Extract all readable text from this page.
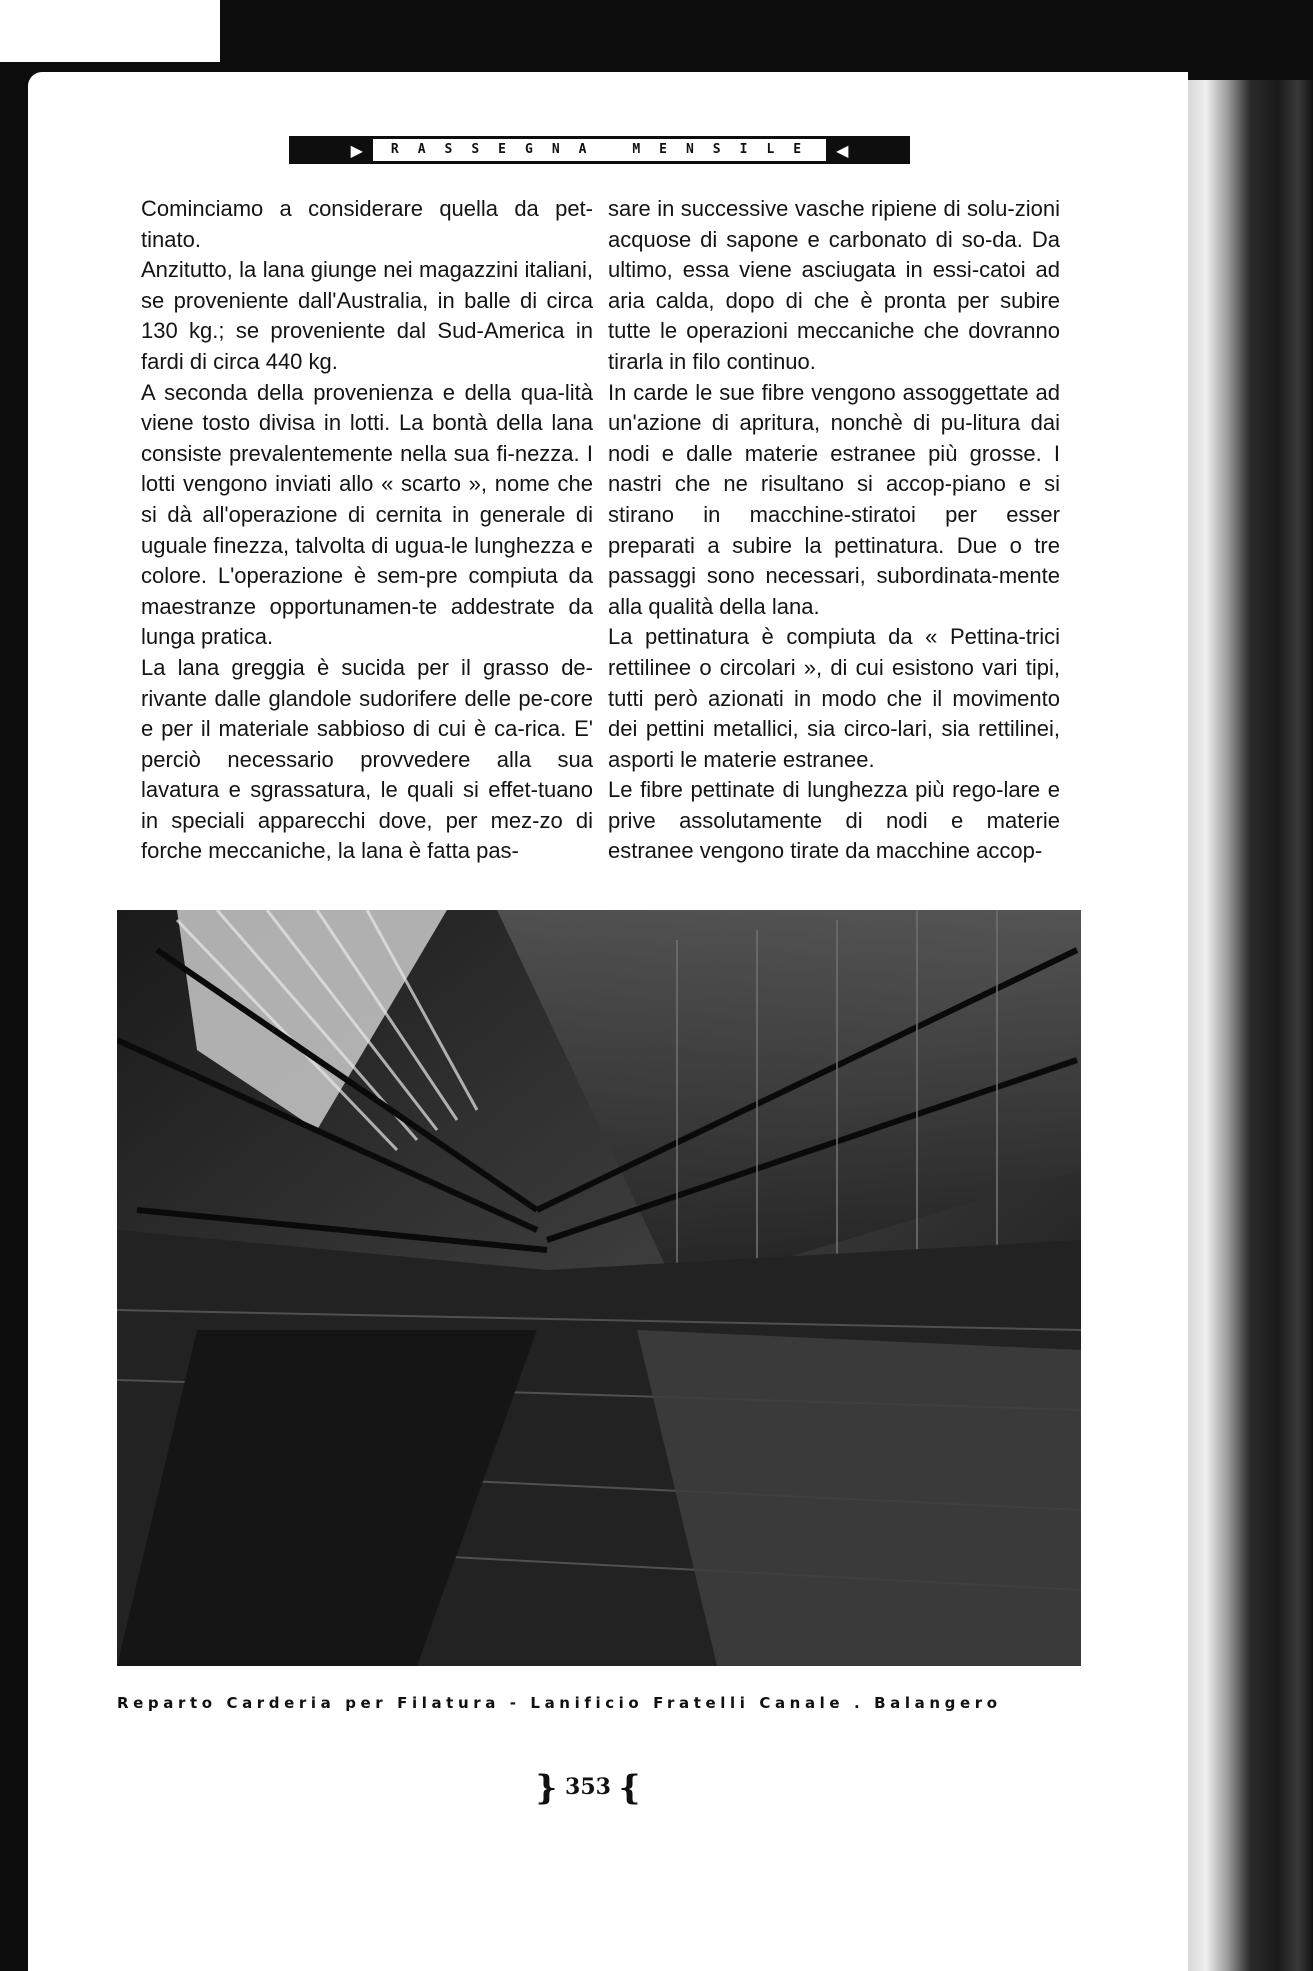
▶	RASSEGNA MENSILE	◀

Cominciamo a considerare quella da pet-tinato.

Anzitutto, la lana giunge nei magazzini italiani, se proveniente dall'Australia, in balle di circa 130 kg.; se proveniente dal Sud-America in fardi di circa 440 kg.

A seconda della provenienza e della qua-lità viene tosto divisa in lotti. La bontà della lana consiste prevalentemente nella sua fi-nezza. I lotti vengono inviati allo « scarto », nome che si dà all'operazione di cernita in generale di uguale finezza, talvolta di ugua-le lunghezza e colore. L'operazione è sem-pre compiuta da maestranze opportunamen-te addestrate da lunga pratica.

La lana greggia è sucida per il grasso de-rivante dalle glandole sudorifere delle pe-core e per il materiale sabbioso di cui è ca-rica. E' perciò necessario provvedere alla sua lavatura e sgrassatura, le quali si effet-tuano in speciali apparecchi dove, per mez-zo di forche meccaniche, la lana è fatta pas-

sare in successive vasche ripiene di solu-zioni acquose di sapone e carbonato di so-da. Da ultimo, essa viene asciugata in essi-catoi ad aria calda, dopo di che è pronta per subire tutte le operazioni meccaniche che dovranno tirarla in filo continuo.

In carde le sue fibre vengono assoggettate ad un'azione di apritura, nonchè di pu-litura dai nodi e dalle materie estranee più grosse. I nastri che ne risultano si accop-piano e si stirano in macchine-stiratoi per esser preparati a subire la pettinatura. Due o tre passaggi sono necessari, subordinata-mente alla qualità della lana.

La pettinatura è compiuta da « Pettina-trici rettilinee o circolari », di cui esistono vari tipi, tutti però azionati in modo che il movimento dei pettini metallici, sia circo-lari, sia rettilinei, asporti le materie estranee.

Le fibre pettinate di lunghezza più rego-lare e prive assolutamente di nodi e materie estranee vengono tirate da macchine accop-

Reparto Carderia per Filatura - Lanificio Fratelli Canale . Balangero
} 353 {
